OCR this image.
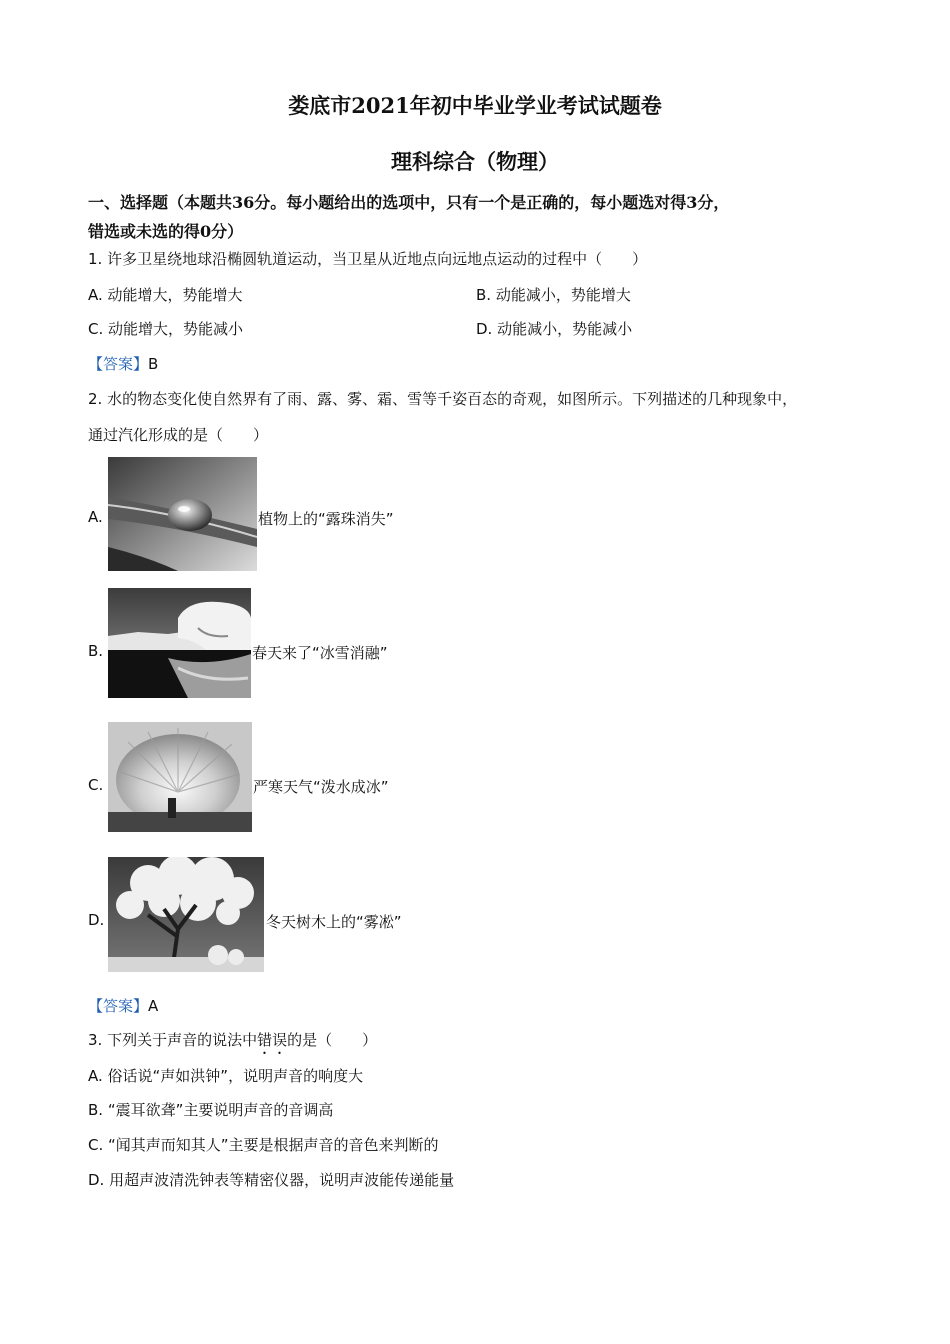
娄底市2021年初中毕业学业考试试题卷
理科综合（物理）
一、选择题（本题共36分。每小题给出的选项中，只有一个是正确的，每小题选对得3分，
错选或未选的得0分）
1. 许多卫星绕地球沿椭圆轨道运动，当卫星从近地点向远地点运动的过程中（　　）
A. 动能增大，势能增大	B. 动能减小，势能增大
C. 动能增大，势能减小	D. 动能减小，势能减小
【答案】B
2. 水的物态变化使自然界有了雨、露、雾、霜、雪等千姿百态的奇观，如图所示。下列描述的几种现象中，
通过汽化形成的是（　　）
A.	植物上的“露珠消失”
B.	春天来了“冰雪消融”
C.	严寒天气“泼水成冰”
D.	冬天树木上的“雾凇”
【答案】A
3. 下列关于声音的说法中错误的是（　　）
A. 俗话说“声如洪钟”，说明声音的响度大
B. “震耳欲聋”主要说明声音的音调高
C. “闻其声而知其人”主要是根据声音的音色来判断的
D. 用超声波清洗钟表等精密仪器，说明声波能传递能量
